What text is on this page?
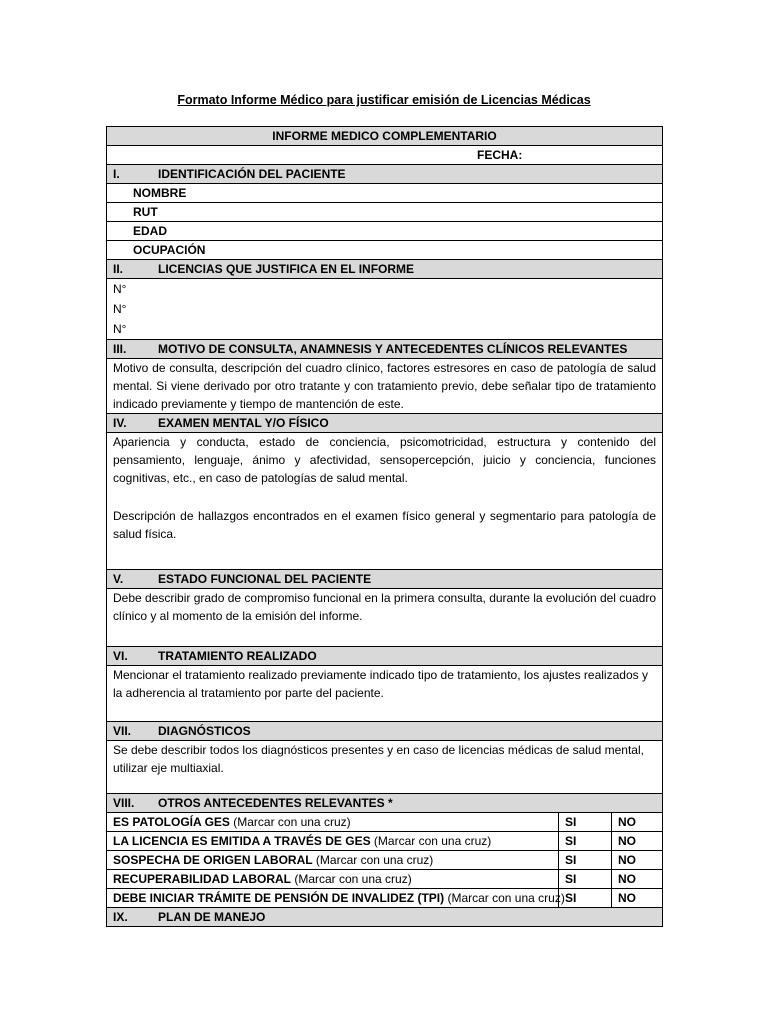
Formato Informe Médico para justificar emisión de Licencias Médicas
INFORME MEDICO COMPLEMENTARIO		
FECHA:		
I. IDENTIFICACIÓN DEL PACIENTE		
NOMBRE		
RUT		
EDAD		
OCUPACIÓN		
II. LICENCIAS QUE JUSTIFICA EN EL INFORME		

N°
N°
N°		

III. MOTIVO DE CONSULTA, ANAMNESIS Y ANTECEDENTES CLÍNICOS RELEVANTES		
Motivo de consulta, descripción del cuadro clínico, factores estresores en caso de patología de salud mental. Si viene derivado por otro tratante y con tratamiento previo, debe señalar tipo de tratamiento indicado previamente y tiempo de mantención de este.		
IV. EXAMEN MENTAL Y/O FÍSICO		

Apariencia y conducta, estado de conciencia, psicomotricidad, estructura y contenido del pensamiento, lenguaje, ánimo y afectividad, sensopercepción, juicio y conciencia, funciones cognitivas, etc., en caso de patologías de salud mental.

Descripción de hallazgos encontrados en el examen físico general y segmentario para patología de salud física.		

V. ESTADO FUNCIONAL DEL PACIENTE		
Debe describir grado de compromiso funcional en la primera consulta, durante la evolución del cuadro clínico y al momento de la emisión del informe.		
VI. TRATAMIENTO REALIZADO		
Mencionar el tratamiento realizado previamente indicado tipo de tratamiento, los ajustes realizados y la adherencia al tratamiento por parte del paciente.		
VII. DIAGNÓSTICOS		
Se debe describir todos los diagnósticos presentes y en caso de licencias médicas de salud mental, utilizar eje multiaxial.		
VIII. OTROS ANTECEDENTES RELEVANTES *		
ES PATOLOGÍA GES (Marcar con una cruz)	SI	NO
LA LICENCIA ES EMITIDA A TRAVÉS DE GES (Marcar con una cruz)	SI	NO
SOSPECHA DE ORIGEN LABORAL (Marcar con una cruz)	SI	NO
RECUPERABILIDAD LABORAL (Marcar con una cruz)	SI	NO
DEBE INICIAR TRÁMITE DE PENSIÓN DE INVALIDEZ (TPI) (Marcar con una cruz)	SI	NO
IX. PLAN DE MANEJO		
